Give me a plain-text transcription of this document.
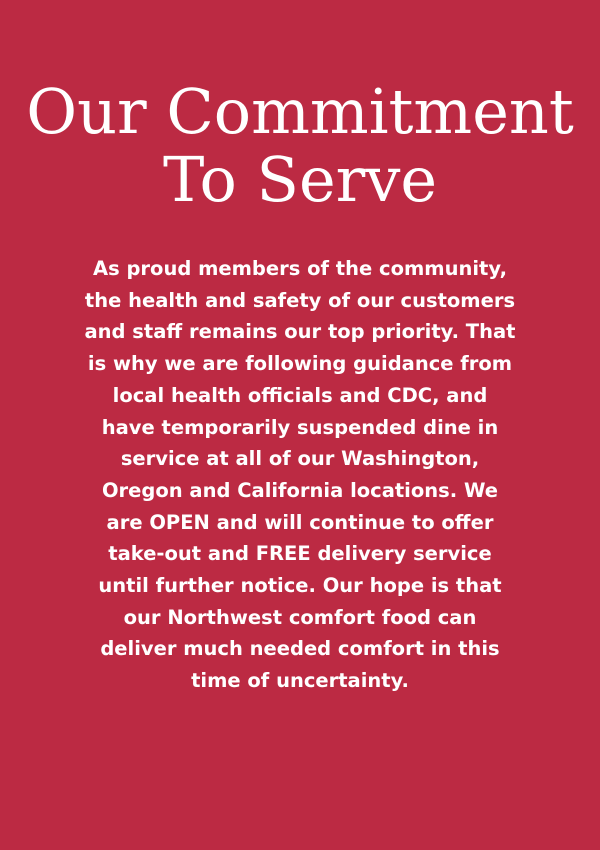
Our Commitment
To Serve

As proud members of the community,
the health and safety of our customers
and staff remains our top priority. That
is why we are following guidance from
local health officials and CDC, and
have temporarily suspended dine in
service at all of our Washington,
Oregon and California locations. We
are OPEN and will continue to offer
take-out and FREE delivery service
until further notice. Our hope is that
our Northwest comfort food can
deliver much needed comfort in this
time of uncertainty.
